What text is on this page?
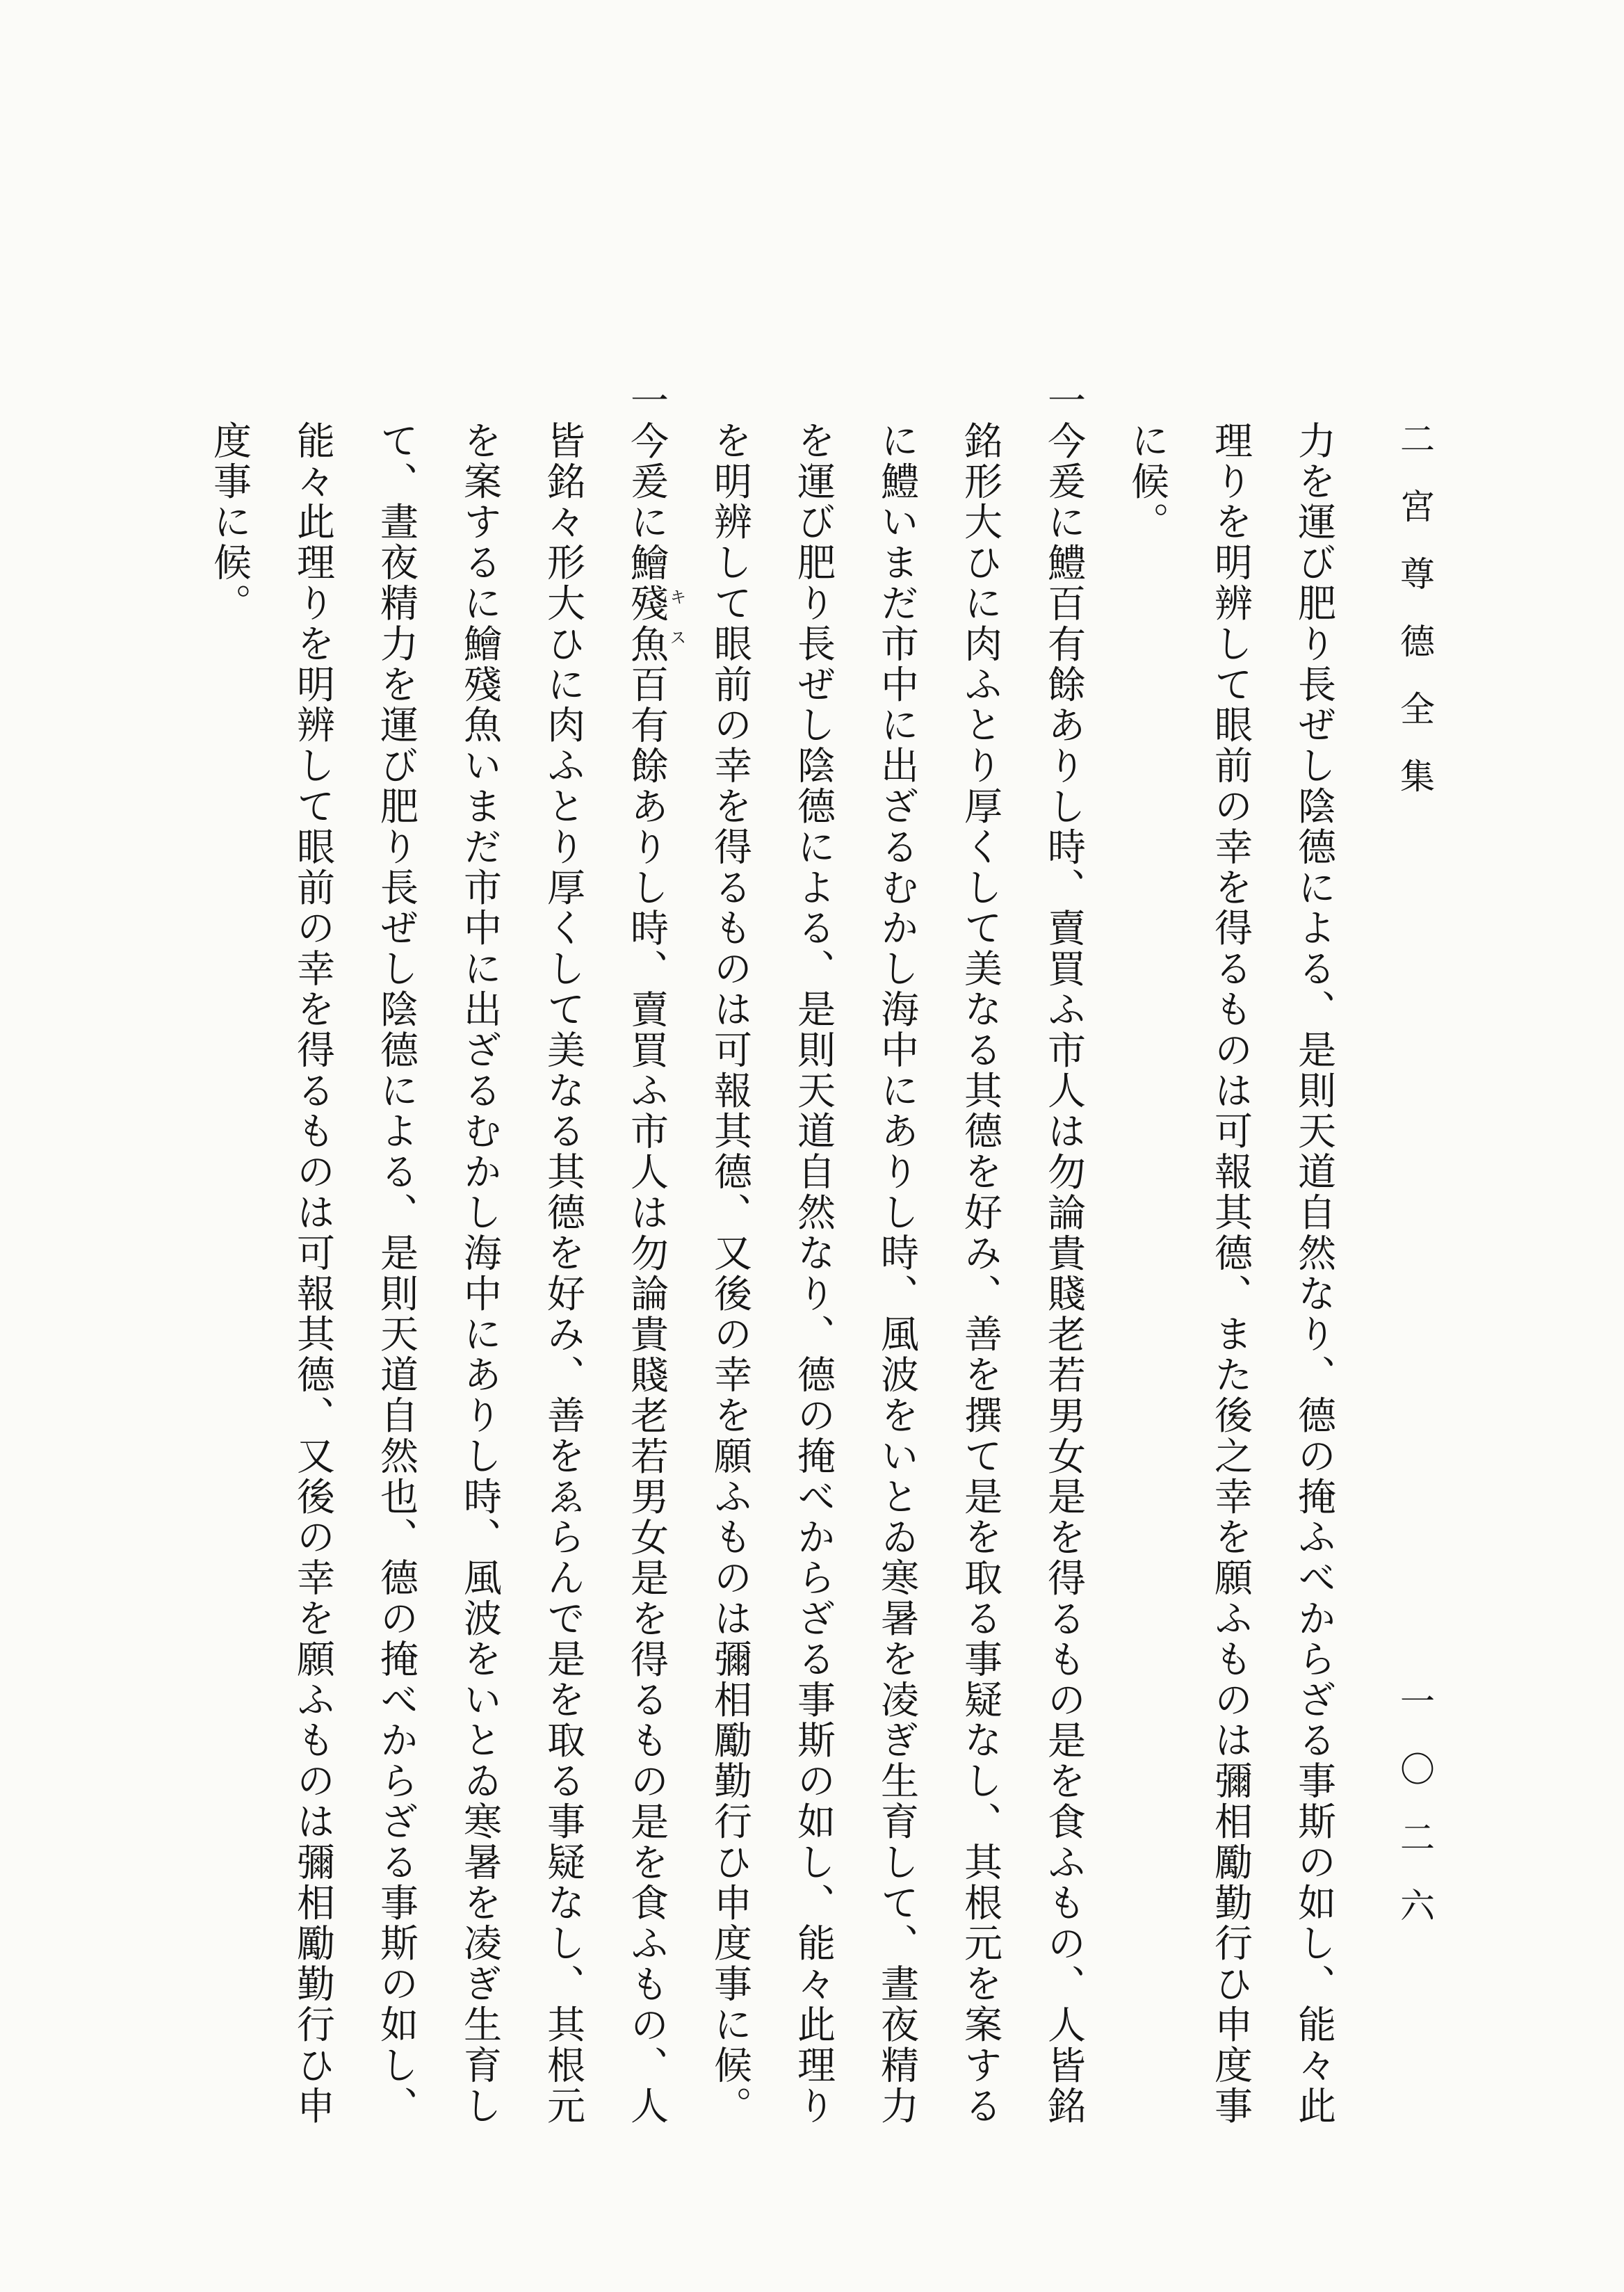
二宮尊德全集
一〇二六
力を運び肥り長ぜし陰德による、是則天道自然なり、德の掩ふべからざる事斯の如し、能々此
理りを明辨して眼前の幸を得るものは可報其德、また後之幸を願ふものは彌相勵勤行ひ申度事
に候。
一今爰に鱧百有餘ありし時、賣買ふ市人は勿論貴賤老若男女是を得るもの是を食ふもの、人皆銘
銘形大ひに肉ふとり厚くして美なる其德を好み、善を撰て是を取る事疑なし、其根元を案する
に鱧いまだ市中に出ざるむかし海中にありし時、風波をいとゐ寒暑を凌ぎ生育して、晝夜精力
を運び肥り長ぜし陰德による、是則天道自然なり、德の掩べからざる事斯の如し、能々此理り
を明辨して眼前の幸を得るものは可報其德、又後の幸を願ふものは彌相勵勤行ひ申度事に候。
一今爰に鱠殘魚百有餘ありし時、賣買ふ市人は勿論貴賤老若男女是を得るもの是を食ふもの、人
キス
皆銘々形大ひに肉ふとり厚くして美なる其德を好み、善をゑらんで是を取る事疑なし、其根元
を案するに鱠殘魚いまだ市中に出ざるむかし海中にありし時、風波をいとゐ寒暑を凌ぎ生育し
て、晝夜精力を運び肥り長ぜし陰德による、是則天道自然也、德の掩べからざる事斯の如し、
能々此理りを明辨して眼前の幸を得るものは可報其德、又後の幸を願ふものは彌相勵勤行ひ申
度事に候。
